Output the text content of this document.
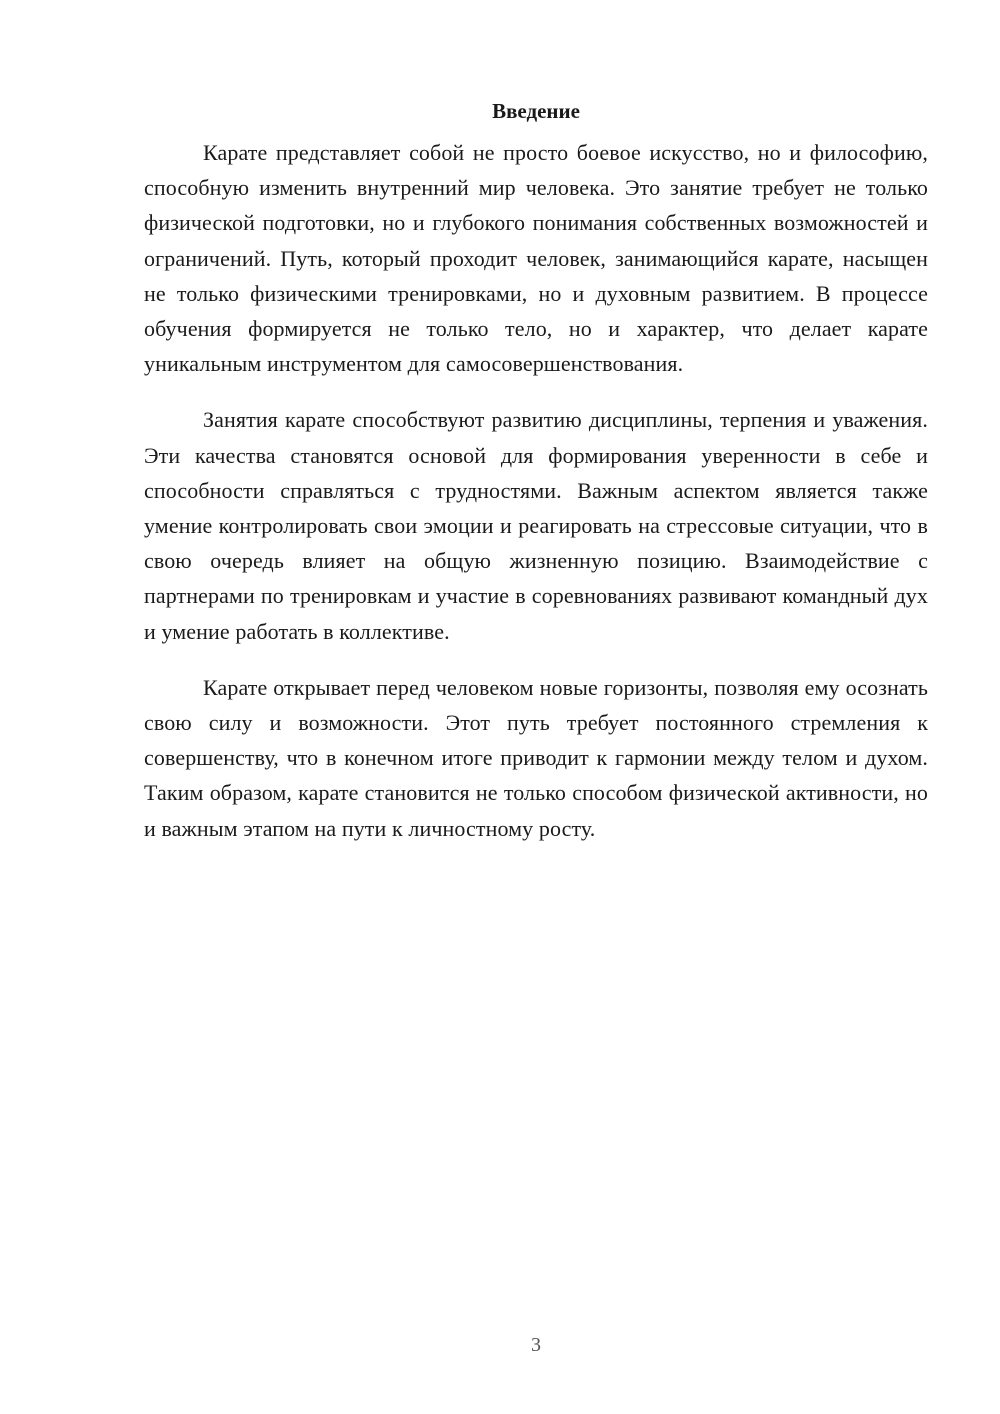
Введение

Карате представляет собой не просто боевое искусство, но и философию, способную изменить внутренний мир человека. Это занятие требует не только физической подготовки, но и глубокого понимания собственных возможностей и ограничений. Путь, который проходит человек, занимающийся карате, насыщен не только физическими тренировками, но и духовным развитием. В процессе обучения формируется не только тело, но и характер, что делает карате уникальным инструментом для самосовершенствования.

Занятия карате способствуют развитию дисциплины, терпения и уважения. Эти качества становятся основой для формирования уверенности в себе и способности справляться с трудностями. Важным аспектом является также умение контролировать свои эмоции и реагировать на стрессовые ситуации, что в свою очередь влияет на общую жизненную позицию. Взаимодействие с партнерами по тренировкам и участие в соревнованиях развивают командный дух и умение работать в коллективе.

Карате открывает перед человеком новые горизонты, позволяя ему осознать свою силу и возможности. Этот путь требует постоянного стремления к совершенству, что в конечном итоге приводит к гармонии между телом и духом. Таким образом, карате становится не только способом физической активности, но и важным этапом на пути к личностному росту.

3
